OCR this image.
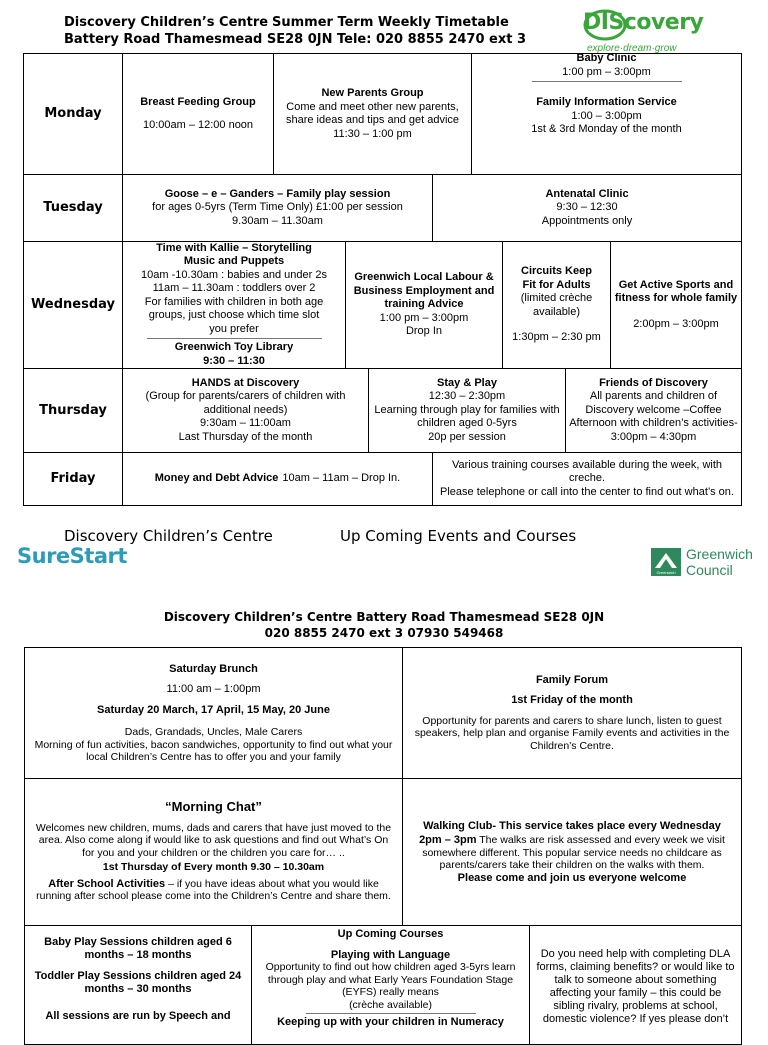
Discovery Children’s Centre Summer Term Weekly Timetable
Battery Road Thamesmead SE28 0JN Tele: 020 8855 2470 ext 3
DIScovery
explore·dream·grow
Monday
Breast Feeding Group
10:00am – 12:00 noon
New Parents Group
Come and meet other new parents, share ideas and tips and get advice
11:30 – 1:00 pm
Baby Clinic
1:00 pm – 3:00pm
Family Information Service
1:00 – 3:00pm
1st & 3rd Monday of the month
Tuesday
Goose – e – Ganders – Family play session
for ages 0-5yrs (Term Time Only) £1:00 per session
9.30am – 11.30am
Antenatal Clinic
9:30 – 12:30
Appointments only
Wednesday
Time with Kallie – Storytelling Music and Puppets
10am -10.30am : babies and under 2s
11am – 11.30am : toddlers over 2
For families with children in both age groups, just choose which time slot you prefer
Greenwich Toy Library
9:30 – 11:30
Greenwich Local Labour & Business Employment and training Advice
1:00 pm – 3:00pm
Drop In
Circuits Keep Fit for Adults
(limited crèche available)
1:30pm – 2:30 pm
Get Active Sports and fitness for whole family
2:00pm – 3:00pm
Thursday
HANDS at Discovery
(Group for parents/carers of children with additional needs)
9:30am – 11:00am
Last Thursday of the month
Stay & Play
12:30 – 2:30pm
Learning through play for families with children aged 0-5yrs
20p per session
Friends of Discovery
All parents and children of Discovery welcome –Coffee Afternoon with children’s activities-
3:00pm – 4:30pm
Friday	Money and Debt Advice 10am – 11am – Drop In.
Various training courses available during the week, with creche.
Please telephone or call into the center to find out what’s on.
Discovery Children’s Centre	Up Coming Events and Courses
SureStart
Greenwich
Greenwich
Council
Discovery Children’s Centre Battery Road Thamesmead SE28 0JN
020 8855 2470 ext 3 07930 549468
Saturday Brunch
11:00 am – 1:00pm
Saturday 20 March, 17 April, 15 May, 20 June
Dads, Grandads, Uncles, Male Carers
Morning of fun activities, bacon sandwiches, opportunity to find out what your local Children’s Centre has to offer you and your family
Family Forum
1st Friday of the month
Opportunity for parents and carers to share lunch, listen to guest speakers, help plan and organise Family events and activities in the Children’s Centre.
“Morning Chat”
Welcomes new children, mums, dads and carers that have just moved to the area. Also come along if would like to ask questions and find out What’s On for you and your children or the children you care for… ..
1st Thursday of Every month 9.30 – 10.30am
After School Activities – if you have ideas about what you would like running after school please come into the Children’s Centre and share them.
Walking Club- This service takes place every Wednesday
2pm – 3pm The walks are risk assessed and every week we visit somewhere different. This popular service needs no childcare as parents/carers take their children on the walks with them.
Please come and join us everyone welcome
Baby Play Sessions children aged 6 months – 18 months
Toddler Play Sessions children aged 24 months – 30 months
All sessions are run by Speech and
Up Coming Courses
Playing with Language
Opportunity to find out how children aged 3-5yrs learn through play and what Early Years Foundation Stage (EYFS) really means
(crèche available)
Keeping up with your children in Numeracy
Do you need help with completing DLA forms, claiming benefits? or would like to talk to someone about something affecting your family – this could be sibling rivalry, problems at school, domestic violence? If yes please don’t
